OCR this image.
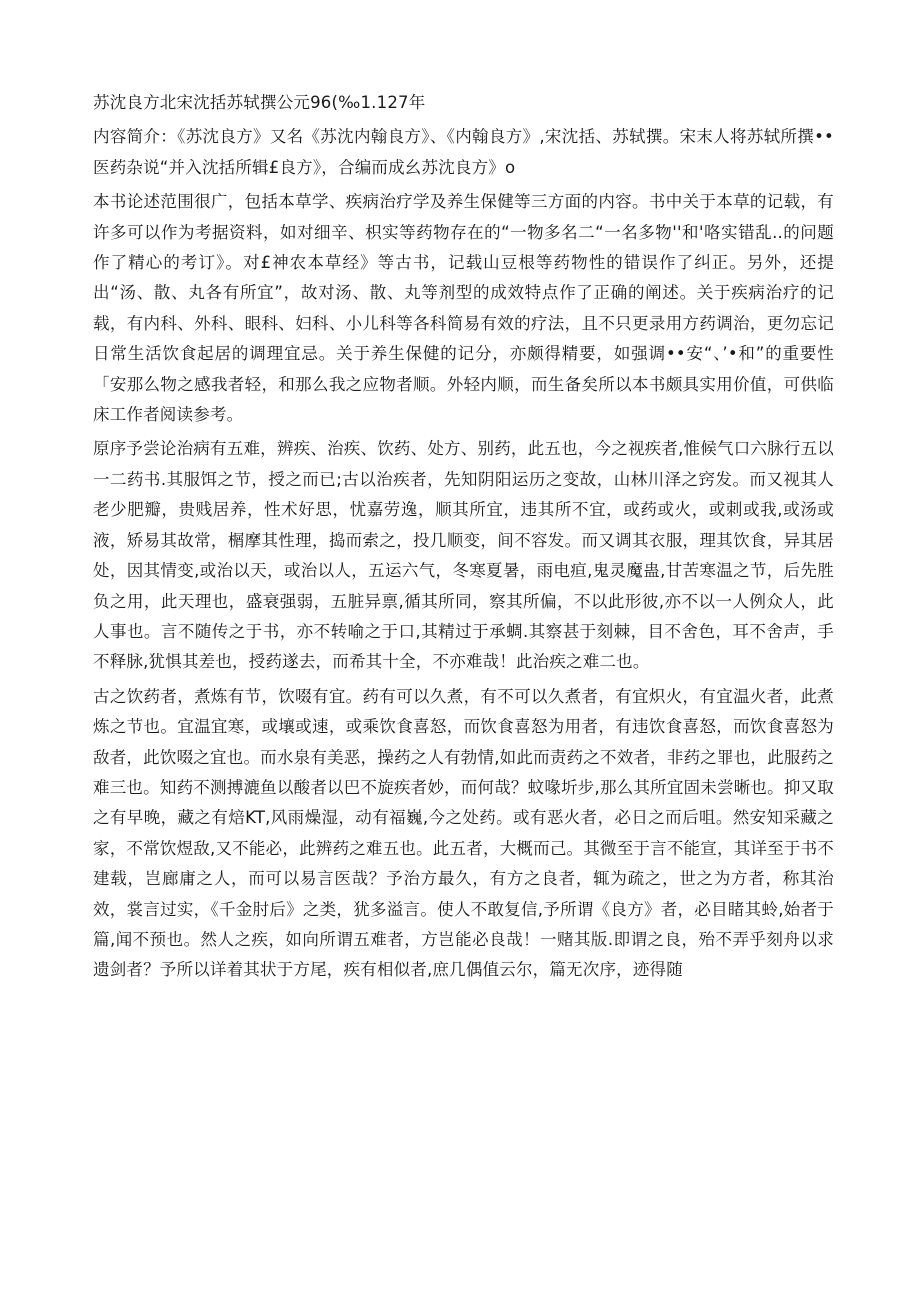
苏沈良方北宋沈括苏轼撰公元96(‰1.127年

内容简介：《苏沈良方》又名《苏沈内翰良方》、《内翰良方》,宋沈括、苏轼撰。宋末人将苏轼所撰••医药杂说“并入沈括所辑£良方》，合编而成幺苏沈良方》o

本书论述范围很广，包括本草学、疾病治疗学及养生保健等三方面的内容。书中关于本草的记载，有许多可以作为考据资料，如对细辛、枳实等药物存在的“一物多名二“一名多物''和'咯实错乱..的问题作了精心的考订》。对£神农本草经》等古书，记载山豆根等药物性的错误作了纠正。另外，还提出“汤、散、丸各有所宜”，故对汤、散、丸等剂型的成效特点作了正确的阐述。关于疾病治疗的记载，有内科、外科、眼科、妇科、小儿科等各科简易有效的疗法，且不只更录用方药调治，更勿忘记日常生活饮食起居的调理宜忌。关于养生保健的记分，亦颇得精要，如强调••安“、’•和”的重要性「安那么物之感我者轻，和那么我之应物者顺。外轻内顺，而生备矣所以本书颇具实用价值，可供临床工作者阅读参考。

原序予尝论治病有五难，辨疾、治疾、饮药、处方、别药，此五也，今之视疾者,惟候气口六脉行五以一二药书.其服饵之节，授之而已;古以治疾者，先知阴阳运历之变故，山林川泽之窍发。而又视其人老少肥瓣，贵贱居养，性术好思，忧嘉劳逸，顺其所宜，违其所不宜，或药或火，或刺或我,或汤或液，矫易其故常，榍摩其性理，捣而索之，投几顺变，间不容发。而又调其衣服，理其饮食，异其居处，因其情变,或治以天，或治以人，五运六气，冬寒夏暑，雨电疸,鬼灵魔蛊,甘苦寒温之节，后先胜负之用，此天理也，盛衰强弱，五脏异禀,循其所同，察其所偏，不以此形彼,亦不以一人例众人，此人事也。言不随传之于书，亦不转喻之于口,其精过于承蜩.其察甚于刻棘，目不舍色，耳不舍声，手不释脉,犹惧其差也，授药遂去，而希其十全，不亦难哉！此治疾之难二也。

古之饮药者，煮炼有节，饮啜有宜。药有可以久煮，有不可以久煮者，有宜炽火，有宜温火者，此煮炼之节也。宜温宜寒，或壤或速，或乘饮食喜怒，而饮食喜怒为用者，有违饮食喜怒，而饮食喜怒为敌者，此饮啜之宜也。而水泉有美恶，操药之人有勃情,如此而责药之不效者，非药之罪也，此服药之难三也。知药不测搏漉鱼以酸者以巴不旋疾者妙，而何哉？蚊喙圻步,那么其所宜固未尝晰也。抑又取之有早晚，藏之有焙KT,风雨燥湿，动有福巍,今之处药。或有恶火者，必日之而后咀。然安知采藏之家，不常饮煜敌,又不能必，此辨药之难五也。此五者，大概而己。其微至于言不能宣，其详至于书不建载，岂廊庸之人，而可以易言医哉？予治方最久，有方之良者，辄为疏之，世之为方者，称其治效，裳言过实，《千金肘后》之类，犹多溢言。使人不敢复信,予所谓《良方》者，必目睹其蛉,始者于篇,闻不预也。然人之疾，如向所谓五难者，方岂能必良哉！一赌其版.即谓之良，殆不弄乎刻舟以求遗剑者？予所以详着其状于方尾，疾有相似者,庶几偶值云尔，篇无次序，迹得随
